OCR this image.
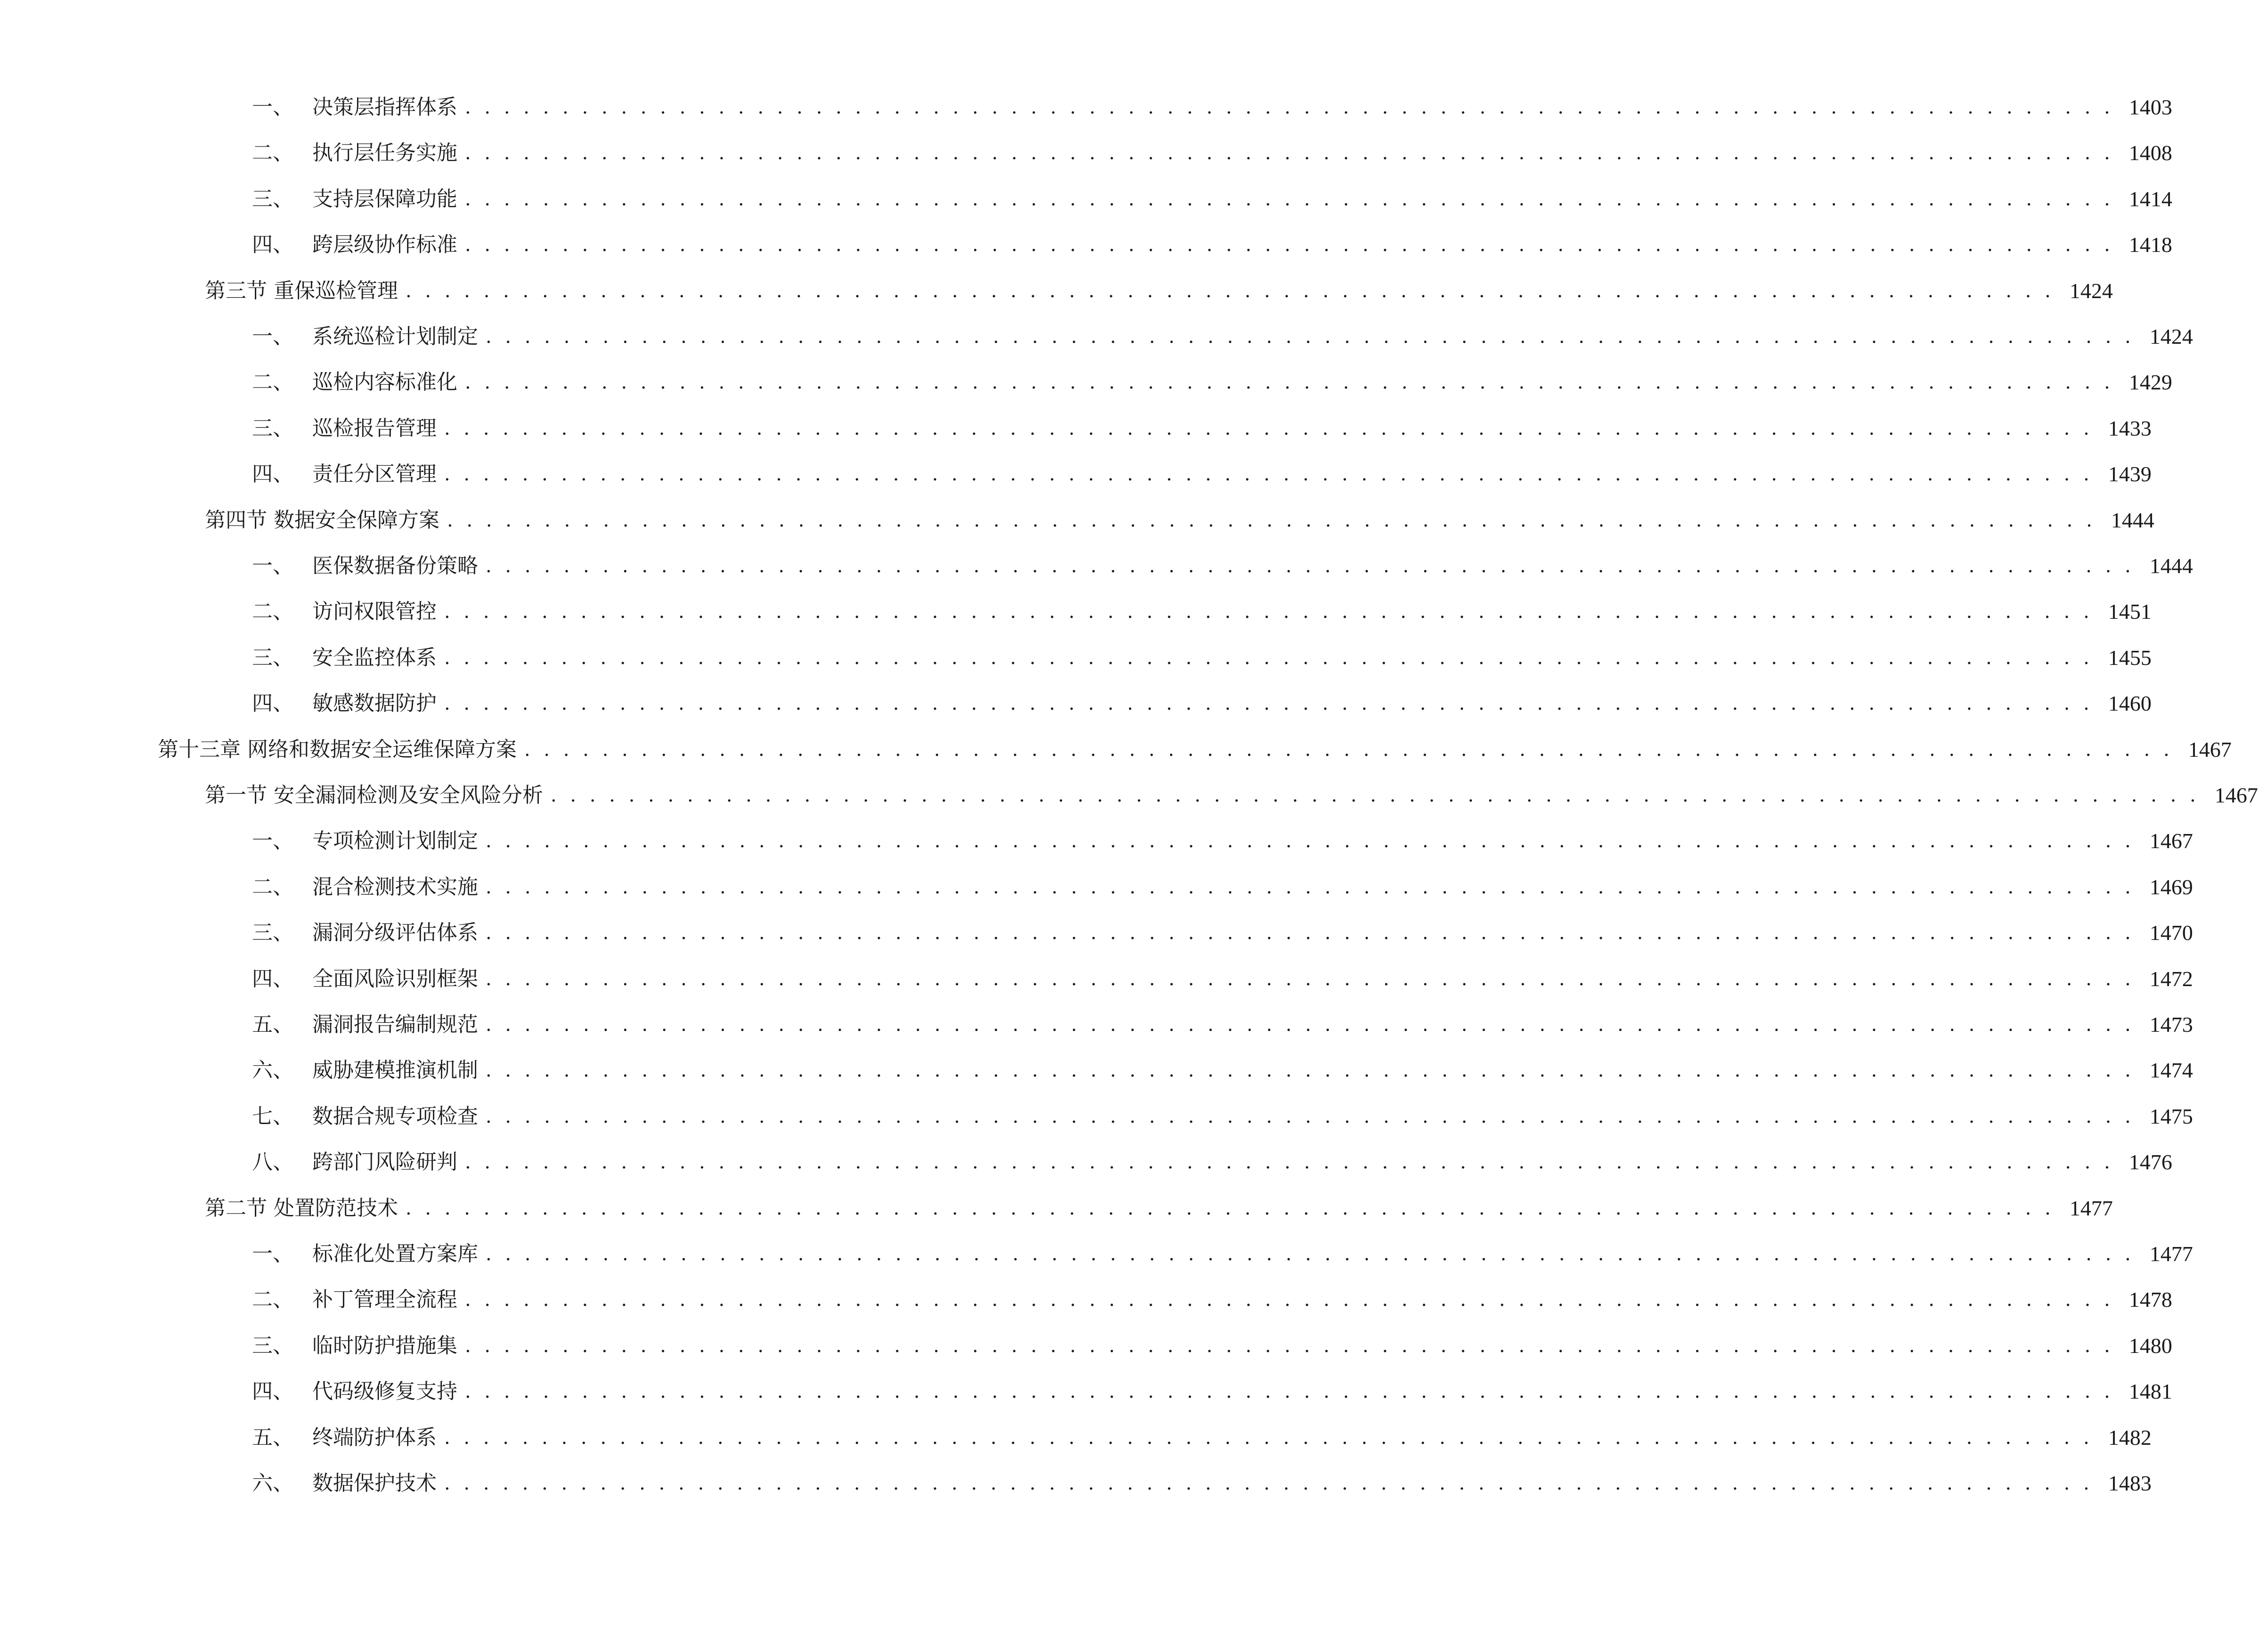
一、 决策层指挥体系 . . . . . . . . . . . . . . . . . . . . . . . . . . . . . . . . . . . . . . . . . . . . . . . . . . . . . . . . . . . . . . . . . . . . . . . . . . . . . . . . . . . . . 1403
二、 执行层任务实施 . . . . . . . . . . . . . . . . . . . . . . . . . . . . . . . . . . . . . . . . . . . . . . . . . . . . . . . . . . . . . . . . . . . . . . . . . . . . . . . . . . . . . 1408
三、 支持层保障功能 . . . . . . . . . . . . . . . . . . . . . . . . . . . . . . . . . . . . . . . . . . . . . . . . . . . . . . . . . . . . . . . . . . . . . . . . . . . . . . . . . . . . . 1414
四、 跨层级协作标准 . . . . . . . . . . . . . . . . . . . . . . . . . . . . . . . . . . . . . . . . . . . . . . . . . . . . . . . . . . . . . . . . . . . . . . . . . . . . . . . . . . . . . 1418
第三节 重保巡检管理 . . . . . . . . . . . . . . . . . . . . . . . . . . . . . . . . . . . . . . . . . . . . . . . . . . . . . . . . . . . . . . . . . . . . . . . . . . . . . . . . . . . . . 1424
一、 系统巡检计划制定 . . . . . . . . . . . . . . . . . . . . . . . . . . . . . . . . . . . . . . . . . . . . . . . . . . . . . . . . . . . . . . . . . . . . . . . . . . . . . . . . . . . . . 1424
二、 巡检内容标准化 . . . . . . . . . . . . . . . . . . . . . . . . . . . . . . . . . . . . . . . . . . . . . . . . . . . . . . . . . . . . . . . . . . . . . . . . . . . . . . . . . . . . . 1429
三、 巡检报告管理 . . . . . . . . . . . . . . . . . . . . . . . . . . . . . . . . . . . . . . . . . . . . . . . . . . . . . . . . . . . . . . . . . . . . . . . . . . . . . . . . . . . . . 1433
四、 责任分区管理 . . . . . . . . . . . . . . . . . . . . . . . . . . . . . . . . . . . . . . . . . . . . . . . . . . . . . . . . . . . . . . . . . . . . . . . . . . . . . . . . . . . . . 1439
第四节 数据安全保障方案 . . . . . . . . . . . . . . . . . . . . . . . . . . . . . . . . . . . . . . . . . . . . . . . . . . . . . . . . . . . . . . . . . . . . . . . . . . . . . . . . . . . . . 1444
一、 医保数据备份策略 . . . . . . . . . . . . . . . . . . . . . . . . . . . . . . . . . . . . . . . . . . . . . . . . . . . . . . . . . . . . . . . . . . . . . . . . . . . . . . . . . . . . . 1444
二、 访问权限管控 . . . . . . . . . . . . . . . . . . . . . . . . . . . . . . . . . . . . . . . . . . . . . . . . . . . . . . . . . . . . . . . . . . . . . . . . . . . . . . . . . . . . . 1451
三、 安全监控体系 . . . . . . . . . . . . . . . . . . . . . . . . . . . . . . . . . . . . . . . . . . . . . . . . . . . . . . . . . . . . . . . . . . . . . . . . . . . . . . . . . . . . . 1455
四、 敏感数据防护 . . . . . . . . . . . . . . . . . . . . . . . . . . . . . . . . . . . . . . . . . . . . . . . . . . . . . . . . . . . . . . . . . . . . . . . . . . . . . . . . . . . . . 1460
第十三章 网络和数据安全运维保障方案 . . . . . . . . . . . . . . . . . . . . . . . . . . . . . . . . . . . . . . . . . . . . . . . . . . . . . . . . . . . . . . . . . . . . . . . . . . . . . . . . . . . . . 1467
第一节 安全漏洞检测及安全风险分析 . . . . . . . . . . . . . . . . . . . . . . . . . . . . . . . . . . . . . . . . . . . . . . . . . . . . . . . . . . . . . . . . . . . . . . . . . . . . . . . . . . . . . 1467
一、 专项检测计划制定 . . . . . . . . . . . . . . . . . . . . . . . . . . . . . . . . . . . . . . . . . . . . . . . . . . . . . . . . . . . . . . . . . . . . . . . . . . . . . . . . . . . . . 1467
二、 混合检测技术实施 . . . . . . . . . . . . . . . . . . . . . . . . . . . . . . . . . . . . . . . . . . . . . . . . . . . . . . . . . . . . . . . . . . . . . . . . . . . . . . . . . . . . . 1469
三、 漏洞分级评估体系 . . . . . . . . . . . . . . . . . . . . . . . . . . . . . . . . . . . . . . . . . . . . . . . . . . . . . . . . . . . . . . . . . . . . . . . . . . . . . . . . . . . . . 1470
四、 全面风险识别框架 . . . . . . . . . . . . . . . . . . . . . . . . . . . . . . . . . . . . . . . . . . . . . . . . . . . . . . . . . . . . . . . . . . . . . . . . . . . . . . . . . . . . . 1472
五、 漏洞报告编制规范 . . . . . . . . . . . . . . . . . . . . . . . . . . . . . . . . . . . . . . . . . . . . . . . . . . . . . . . . . . . . . . . . . . . . . . . . . . . . . . . . . . . . . 1473
六、 威胁建模推演机制 . . . . . . . . . . . . . . . . . . . . . . . . . . . . . . . . . . . . . . . . . . . . . . . . . . . . . . . . . . . . . . . . . . . . . . . . . . . . . . . . . . . . . 1474
七、 数据合规专项检查 . . . . . . . . . . . . . . . . . . . . . . . . . . . . . . . . . . . . . . . . . . . . . . . . . . . . . . . . . . . . . . . . . . . . . . . . . . . . . . . . . . . . . 1475
八、 跨部门风险研判 . . . . . . . . . . . . . . . . . . . . . . . . . . . . . . . . . . . . . . . . . . . . . . . . . . . . . . . . . . . . . . . . . . . . . . . . . . . . . . . . . . . . . 1476
第二节 处置防范技术 . . . . . . . . . . . . . . . . . . . . . . . . . . . . . . . . . . . . . . . . . . . . . . . . . . . . . . . . . . . . . . . . . . . . . . . . . . . . . . . . . . . . . 1477
一、 标准化处置方案库 . . . . . . . . . . . . . . . . . . . . . . . . . . . . . . . . . . . . . . . . . . . . . . . . . . . . . . . . . . . . . . . . . . . . . . . . . . . . . . . . . . . . . 1477
二、 补丁管理全流程 . . . . . . . . . . . . . . . . . . . . . . . . . . . . . . . . . . . . . . . . . . . . . . . . . . . . . . . . . . . . . . . . . . . . . . . . . . . . . . . . . . . . . 1478
三、 临时防护措施集 . . . . . . . . . . . . . . . . . . . . . . . . . . . . . . . . . . . . . . . . . . . . . . . . . . . . . . . . . . . . . . . . . . . . . . . . . . . . . . . . . . . . . 1480
四、 代码级修复支持 . . . . . . . . . . . . . . . . . . . . . . . . . . . . . . . . . . . . . . . . . . . . . . . . . . . . . . . . . . . . . . . . . . . . . . . . . . . . . . . . . . . . . 1481
五、 终端防护体系 . . . . . . . . . . . . . . . . . . . . . . . . . . . . . . . . . . . . . . . . . . . . . . . . . . . . . . . . . . . . . . . . . . . . . . . . . . . . . . . . . . . . . 1482
六、 数据保护技术 . . . . . . . . . . . . . . . . . . . . . . . . . . . . . . . . . . . . . . . . . . . . . . . . . . . . . . . . . . . . . . . . . . . . . . . . . . . . . . . . . . . . . 1483
